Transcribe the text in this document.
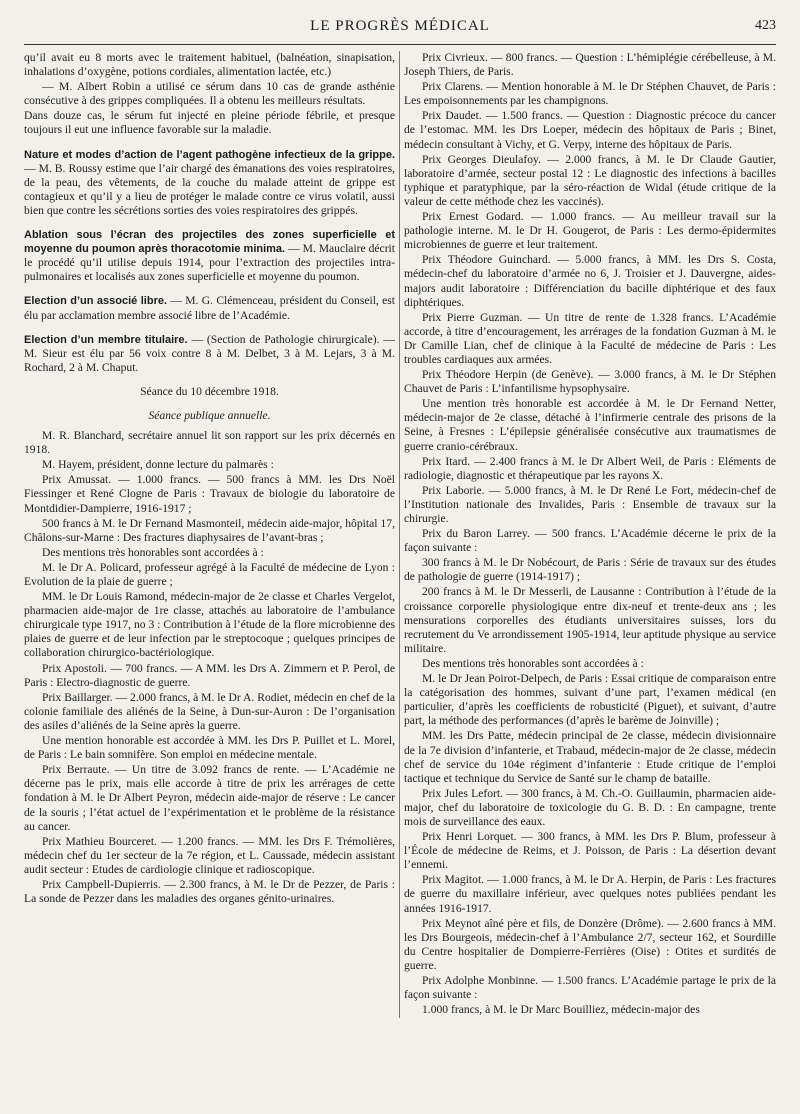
LE PROGRÈS MÉDICAL	423

qu’il avait eu 8 morts avec le traitement habituel, (balnéation, sinapisation, inhalations d’oxygène, potions cordiales, alimentation lactée, etc.)

— M. Albert Robin a utilisé ce sérum dans 10 cas de grande asthénie consécutive à des grippes compliquées. Il a obtenu les meilleurs résultats.

Dans douze cas, le sérum fut injecté en pleine période fébrile, et presque toujours il eut une influence favorable sur la maladie.

Nature et modes d’action de l’agent pathogène infectieux de la grippe. — M. B. Roussy estime que l’air chargé des émanations des voies respiratoires, de la peau, des vêtements, de la couche du malade atteint de grippe est contagieux et qu’il y a lieu de protéger le malade contre ce virus volatil, aussi bien que contre les sécrétions sorties des voies respiratoires des grippés.

Ablation sous l’écran des projectiles des zones superficielle et moyenne du poumon après thoracotomie minima. — M. Mauclaire décrit le procédé qu’il utilise depuis 1914, pour l’extraction des projectiles intra-pulmonaires et localisés aux zones superficielle et moyenne du poumon.

Election d’un associé libre. — M. G. Clémenceau, président du Conseil, est élu par acclamation membre associé libre de l’Académie.

Election d’un membre titulaire. — (Section de Pathologie chirurgicale). — M. Sieur est élu par 56 voix contre 8 à M. Delbet, 3 à M. Lejars, 3 à M. Rochard, 2 à M. Chaput.

Séance du 10 décembre 1918.

Séance publique annuelle.

M. R. Blanchard, secrétaire annuel lit son rapport sur les prix décernés en 1918.

M. Hayem, président, donne lecture du palmarès :

Prix Amussat. — 1.000 francs. — 500 francs à MM. les Drs Noël Fiessinger et René Clogne de Paris : Travaux de biologie du laboratoire de Montdidier-Dampierre, 1916-1917 ;

500 francs à M. le Dr Fernand Masmonteil, médecin aide-major, hôpital 17, Châlons-sur-Marne : Des fractures diaphysaires de l’avant-bras ;

Des mentions très honorables sont accordées à :

M. le Dr A. Policard, professeur agrégé à la Faculté de médecine de Lyon : Evolution de la plaie de guerre ;

MM. le Dr Louis Ramond, médecin-major de 2e classe et Charles Vergelot, pharmacien aide-major de 1re classe, attachés au laboratoire de l’ambulance chirurgicale type 1917, no 3 : Contribution à l’étude de la flore microbienne des plaies de guerre et de leur infection par le streptocoque ; quelques principes de collaboration chirurgico-bactériologique.

Prix Apostoli. — 700 francs. — A MM. les Drs A. Zimmern et P. Perol, de Paris : Electro-diagnostic de guerre.

Prix Baillarger. — 2.000 francs, à M. le Dr A. Rodiet, médecin en chef de la colonie familiale des aliénés de la Seine, à Dun-sur-Auron : De l’organisation des asiles d’aliénés de la Seine après la guerre.

Une mention honorable est accordée à MM. les Drs P. Puillet et L. Morel, de Paris : Le bain somnifère. Son emploi en médecine mentale.

Prix Berraute. — Un titre de 3.092 francs de rente. — L’Académie ne décerne pas le prix, mais elle accorde à titre de prix les arrérages de cette fondation à M. le Dr Albert Peyron, médecin aide-major de réserve : Le cancer de la souris ; l’état actuel de l’expérimentation et le problème de la résistance au cancer.

Prix Mathieu Bourceret. — 1.200 francs. — MM. les Drs F. Trémolières, médecin chef du 1er secteur de la 7e région, et L. Caussade, médecin assistant audit secteur : Etudes de cardiologie clinique et radioscopique.

Prix Campbell-Dupierris. — 2.300 francs, à M. le Dr de Pezzer, de Paris : La sonde de Pezzer dans les maladies des organes génito-urinaires.

Prix Civrieux. — 800 francs. — Question : L’hémiplégie cérébelleuse, à M. Joseph Thiers, de Paris.

Prix Clarens. — Mention honorable à M. le Dr Stéphen Chauvet, de Paris : Les empoisonnements par les champignons.

Prix Daudet. — 1.500 francs. — Question : Diagnostic précoce du cancer de l’estomac. MM. les Drs Loeper, médecin des hôpitaux de Paris ; Binet, médecin consultant à Vichy, et G. Verpy, interne des hôpitaux de Paris.

Prix Georges Dieulafoy. — 2.000 francs, à M. le Dr Claude Gautier, laboratoire d’armée, secteur postal 12 : Le diagnostic des infections à bacilles typhique et paratyphique, par la séro-réaction de Widal (étude critique de la valeur de cette méthode chez les vaccinés).

Prix Ernest Godard. — 1.000 francs. — Au meilleur travail sur la pathologie interne. M. le Dr H. Gougerot, de Paris : Les dermo-épidermites microbiennes de guerre et leur traitement.

Prix Théodore Guinchard. — 5.000 francs, à MM. les Drs S. Costa, médecin-chef du laboratoire d’armée no 6, J. Troisier et J. Dauvergne, aides-majors audit laboratoire : Différenciation du bacille diphtérique et des faux diphtériques.

Prix Pierre Guzman. — Un titre de rente de 1.328 francs. L’Académie accorde, à titre d’encouragement, les arrérages de la fondation Guzman à M. le Dr Camille Lian, chef de clinique à la Faculté de médecine de Paris : Les troubles cardiaques aux armées.

Prix Théodore Herpin (de Genève). — 3.000 francs, à M. le Dr Stéphen Chauvet de Paris : L’infantilisme hypsophysaire.

Une mention très honorable est accordée à M. le Dr Fernand Netter, médecin-major de 2e classe, détaché à l’infirmerie centrale des prisons de la Seine, à Fresnes : L’épilepsie généralisée consécutive aux traumatismes de guerre cranio-cérébraux.

Prix Itard. — 2.400 francs à M. le Dr Albert Weil, de Paris : Eléments de radiologie, diagnostic et thérapeutique par les rayons X.

Prix Laborie. — 5.000 francs, à M. le Dr René Le Fort, médecin-chef de l’Institution nationale des Invalides, Paris : Ensemble de travaux sur la chirurgie.

Prix du Baron Larrey. — 500 francs. L’Académie décerne le prix de la façon suivante :

300 francs à M. le Dr Nobécourt, de Paris : Série de travaux sur des études de pathologie de guerre (1914-1917) ;

200 francs à M. le Dr Messerli, de Lausanne : Contribution à l’étude de la croissance corporelle physiologique entre dix-neuf et trente-deux ans ; les mensurations corporelles des étudiants universitaires suisses, lors du recrutement du Ve arrondissement 1905-1914, leur aptitude physique au service militaire.

Des mentions très honorables sont accordées à :

M. le Dr Jean Poirot-Delpech, de Paris : Essai critique de comparaison entre la catégorisation des hommes, suivant d’une part, l’examen médical (en particulier, d’après les coefficients de robusticité (Piguet), et suivant, d’autre part, la méthode des performances (d’après le barème de Joinville) ;

MM. les Drs Patte, médecin principal de 2e classe, médecin divisionnaire de la 7e division d’infanterie, et Trabaud, médecin-major de 2e classe, médecin chef de service du 104e régiment d’infanterie : Etude critique de l’emploi tactique et technique du Service de Santé sur le champ de bataille.

Prix Jules Lefort. — 300 francs, à M. Ch.-O. Guillaumin, pharmacien aide-major, chef du laboratoire de toxicologie du G. B. D. : En campagne, trente mois de surveillance des eaux.

Prix Henri Lorquet. — 300 francs, à MM. les Drs P. Blum, professeur à l’École de médecine de Reims, et J. Poisson, de Paris : La désertion devant l’ennemi.

Prix Magitot. — 1.000 francs, à M. le Dr A. Herpin, de Paris : Les fractures de guerre du maxillaire inférieur, avec quelques notes publiées pendant les années 1916-1917.

Prix Meynot aîné père et fils, de Donzère (Drôme). — 2.600 francs à MM. les Drs Bourgeois, médecin-chef à l’Ambulance 2/7, secteur 162, et Sourdille du Centre hospitalier de Dompierre-Ferrières (Oise) : Otites et surdités de guerre.

Prix Adolphe Monbinne. — 1.500 francs. L’Académie partage le prix de la façon suivante :

1.000 francs, à M. le Dr Marc Bouilliez, médecin-major des
